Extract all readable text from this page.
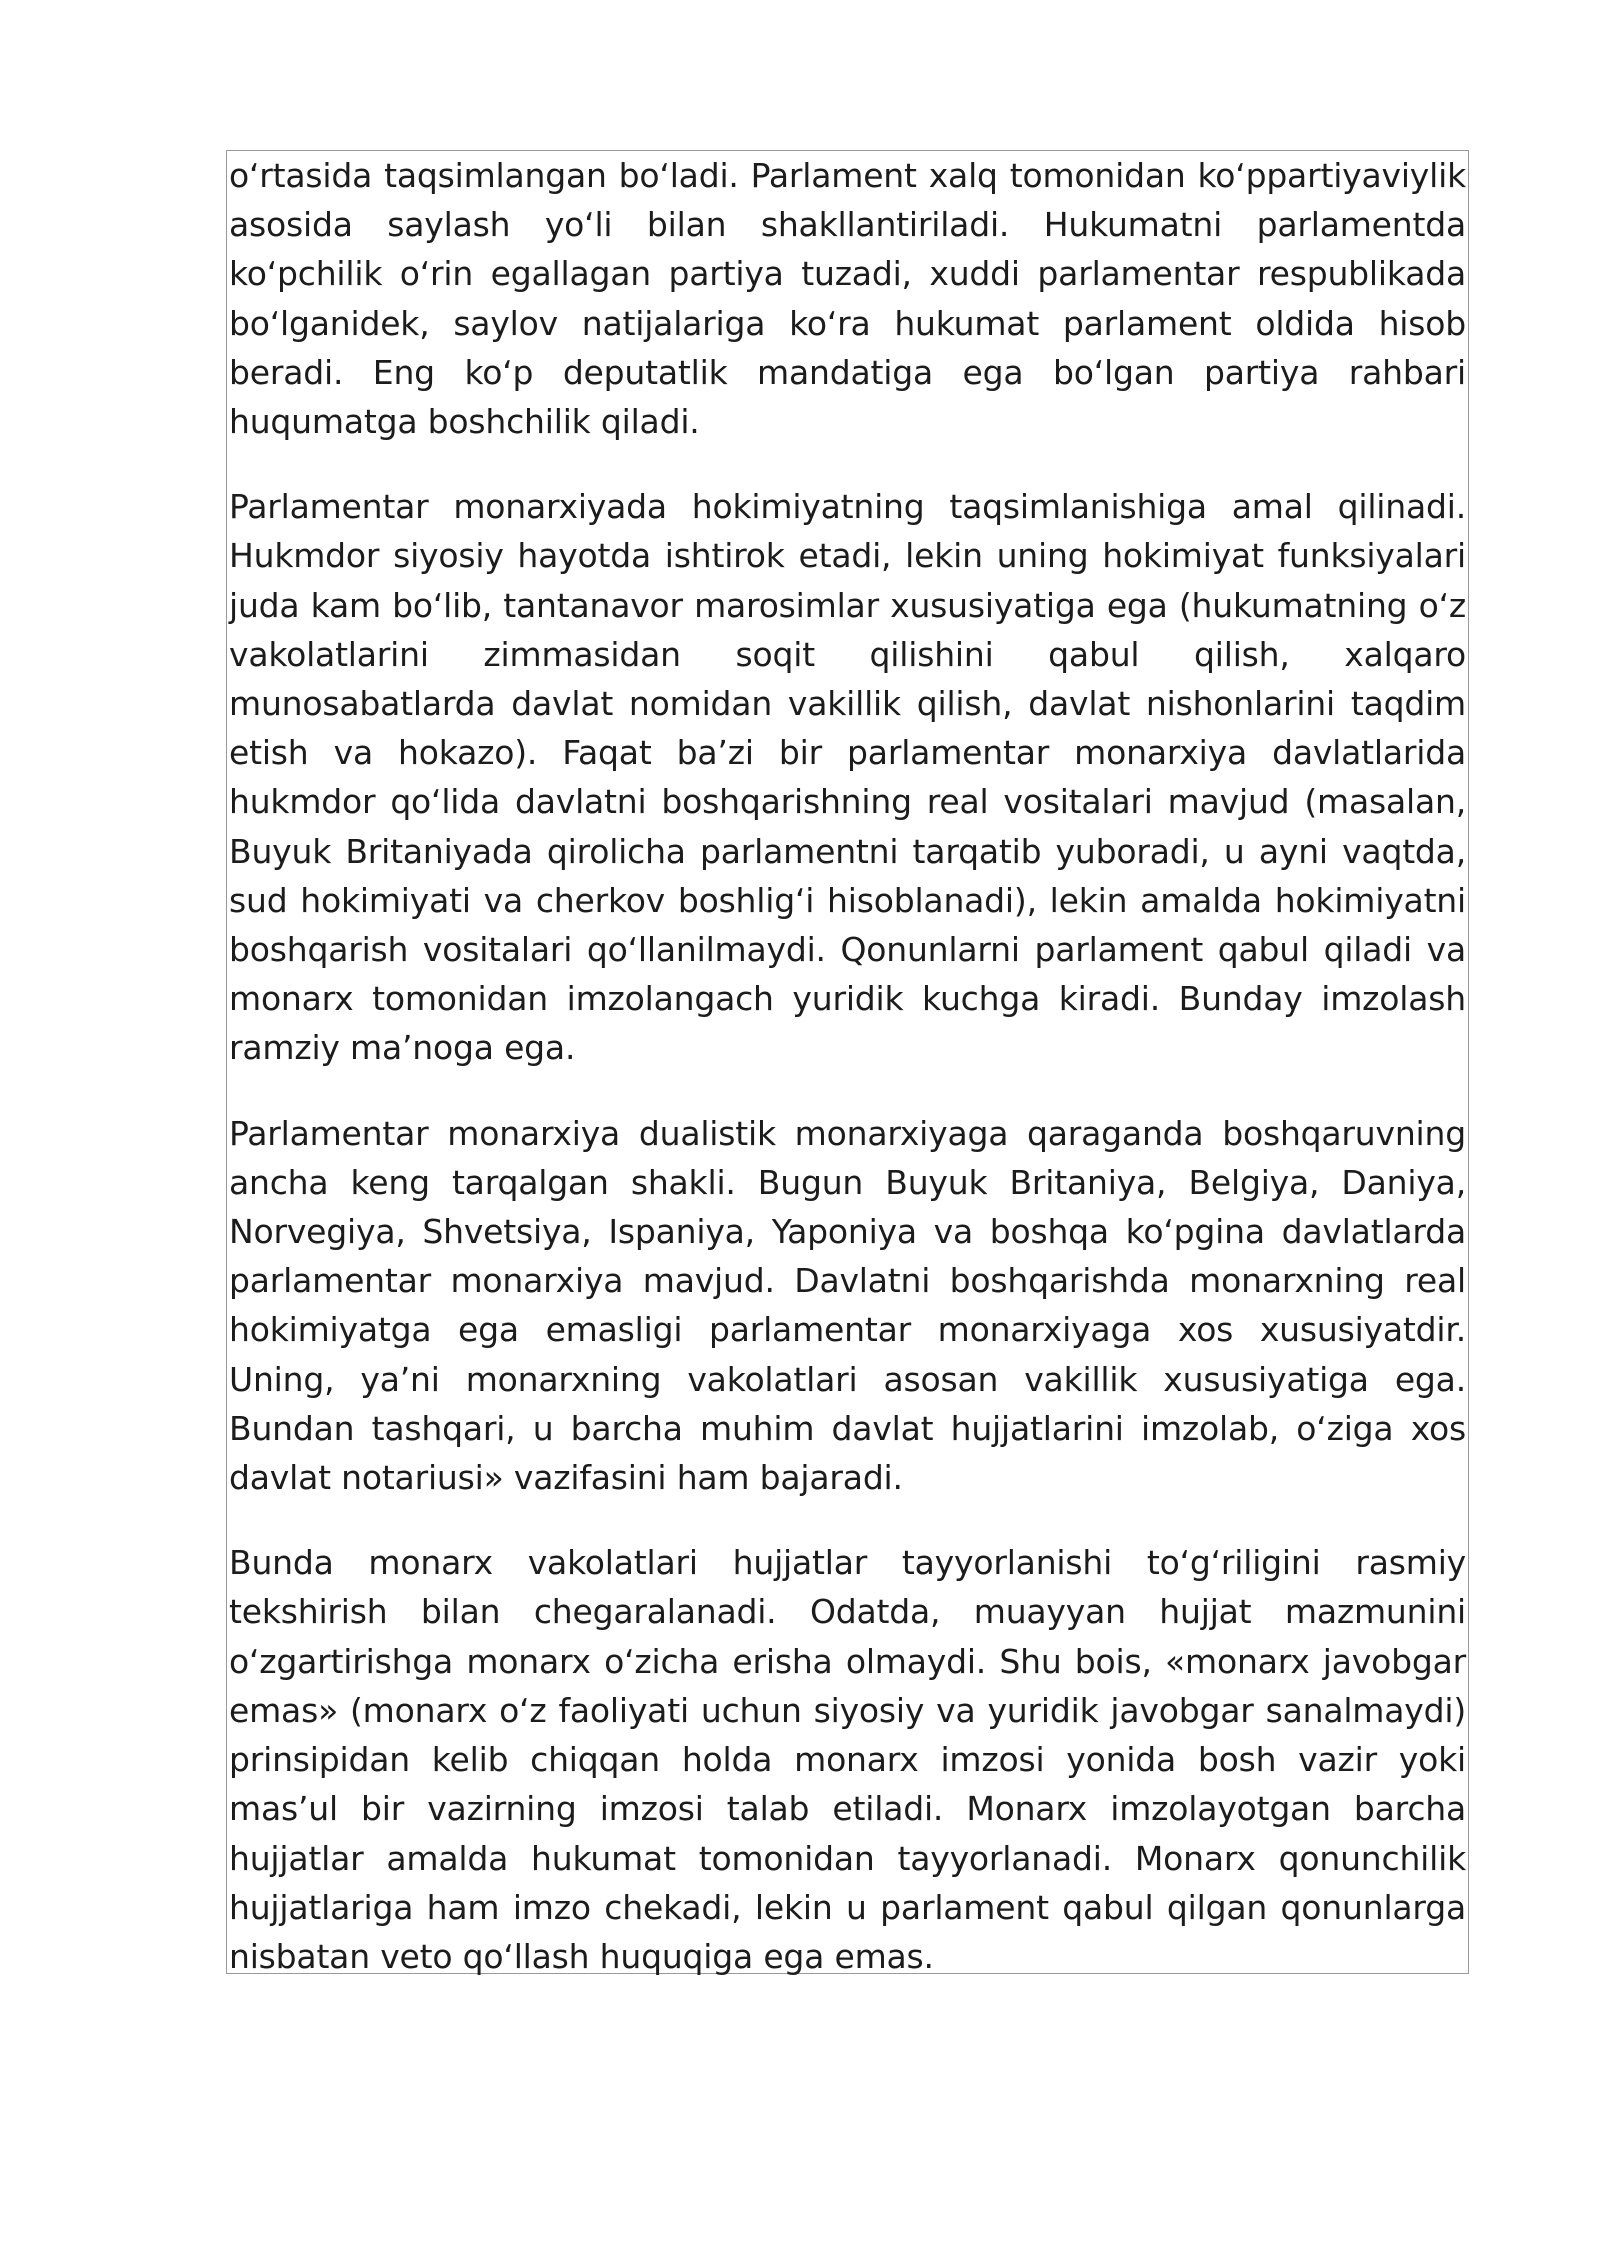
o‘rtasida taqsimlangan bo‘ladi. Parlament xalq tomonidan ko‘ppartiyaviylik asosida saylash yo‘li bilan shakllantiriladi. Hukumatni parlamentda ko‘pchilik o‘rin egallagan partiya tuzadi, xuddi parlamentar respublikada bo‘lganidek, saylov natijalariga ko‘ra hukumat parlament oldida hisob beradi. Eng ko‘p deputatlik mandatiga ega bo‘lgan partiya rahbari huqumatga boshchilik qiladi.

Parlamentar monarxiyada hokimiyatning taqsimlanishiga amal qilinadi. Hukmdor siyosiy hayotda ishtirok etadi, lekin uning hokimiyat funksiyalari juda kam bo‘lib, tantanavor marosimlar xususiyatiga ega (hukumatning o‘z vakolatlarini zimmasidan soqit qilishini qabul qilish, xalqaro munosabatlarda davlat nomidan vakillik qilish, davlat nishonlarini taqdim etish va hokazo). Faqat ba’zi bir parlamentar monarxiya davlatlarida hukmdor qo‘lida davlatni boshqarishning real vositalari mavjud (masalan, Buyuk Britaniyada qirolicha parlamentni tarqatib yuboradi, u ayni vaqtda, sud hokimiyati va cherkov boshlig‘i hisoblanadi), lekin amalda hokimiyatni boshqarish vositalari qo‘llanilmaydi. Qonunlarni parlament qabul qiladi va monarx tomonidan imzolangach yuridik kuchga kiradi. Bunday imzolash ramziy ma’noga ega.

Parlamentar monarxiya dualistik monarxiyaga qaraganda boshqaruvning ancha keng tarqalgan shakli. Bugun Buyuk Britaniya, Belgiya, Daniya, Norvegiya, Shvetsiya, Ispaniya, Yaponiya va boshqa ko‘pgina davlatlarda parlamentar monarxiya mavjud. Davlatni boshqarishda monarxning real hokimiyatga ega emasligi parlamentar monarxiyaga xos xususiyatdir. Uning, ya’ni monarxning vakolatlari asosan vakillik xususiyatiga ega. Bundan tashqari, u barcha muhim davlat hujjatlarini imzolab, o‘ziga xos davlat notariusi» vazifasini ham bajaradi.

Bunda monarx vakolatlari hujjatlar tayyorlanishi to‘g‘riligini rasmiy tekshirish bilan chegaralanadi. Odatda, muayyan hujjat mazmunini o‘zgartirishga monarx o‘zicha erisha olmaydi. Shu bois, «monarx javobgar emas» (monarx o‘z faoliyati uchun siyosiy va yuridik javobgar sanalmaydi) prinsipidan kelib chiqqan holda monarx imzosi yonida bosh vazir yoki mas’ul bir vazirning imzosi talab etiladi. Monarx imzolayotgan barcha hujjatlar amalda hukumat tomonidan tayyorlanadi. Monarx qonunchilik hujjatlariga ham imzo chekadi, lekin u parlament qabul qilgan qonunlarga nisbatan veto qo‘llash huquqiga ega emas.
